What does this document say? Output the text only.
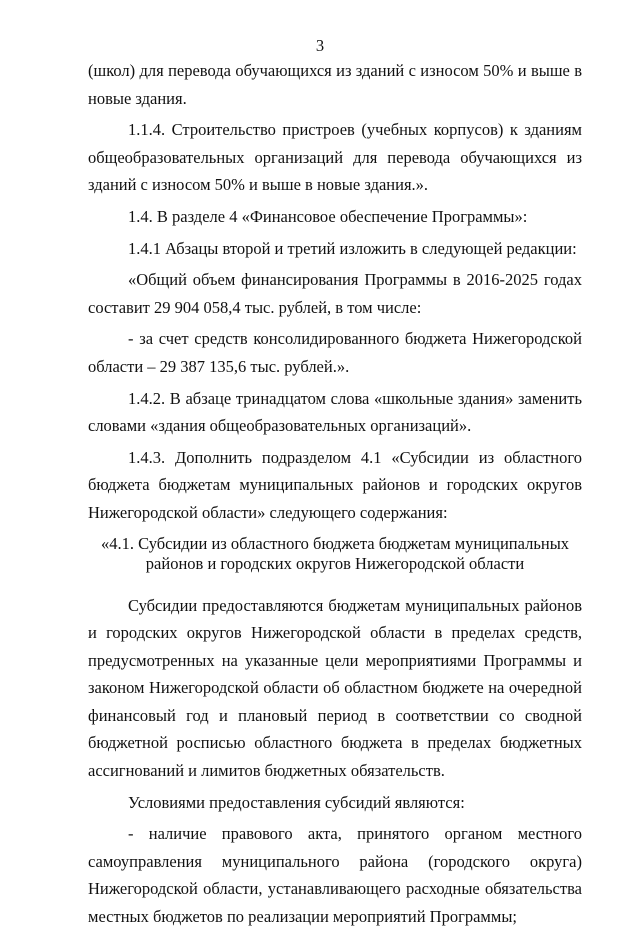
3

(школ) для перевода обучающихся из зданий с износом 50% и выше в новые здания.

1.1.4. Строительство пристроев (учебных корпусов) к зданиям общеобразовательных организаций для перевода обучающихся из зданий с износом 50% и выше в новые здания.».

1.4. В разделе 4 «Финансовое обеспечение Программы»:

1.4.1 Абзацы второй и третий изложить в следующей редакции:

«Общий объем финансирования Программы в 2016-2025 годах составит 29 904 058,4 тыс. рублей, в том числе:

- за счет средств консолидированного бюджета Нижегородской области – 29 387 135,6 тыс. рублей.».

1.4.2. В абзаце тринадцатом слова «школьные здания» заменить словами «здания общеобразовательных организаций».

1.4.3. Дополнить подразделом 4.1 «Субсидии из областного бюджета бюджетам муниципальных районов и городских округов Нижегородской области» следующего содержания:

«4.1. Субсидии из областного бюджета бюджетам муниципальных
районов и городских округов Нижегородской области

Субсидии предоставляются бюджетам муниципальных районов и городских округов Нижегородской области в пределах средств, предусмотренных на указанные цели мероприятиями Программы и законом Нижегородской области об областном бюджете на очередной финансовый год и плановый период в соответствии со сводной бюджетной росписью областного бюджета в пределах бюджетных ассигнований и лимитов бюджетных обязательств.

Условиями предоставления субсидий являются:

- наличие правового акта, принятого органом местного самоуправления муниципального района (городского округа) Нижегородской области, устанавливающего расходные обязательства местных бюджетов по реализации мероприятий Программы;
